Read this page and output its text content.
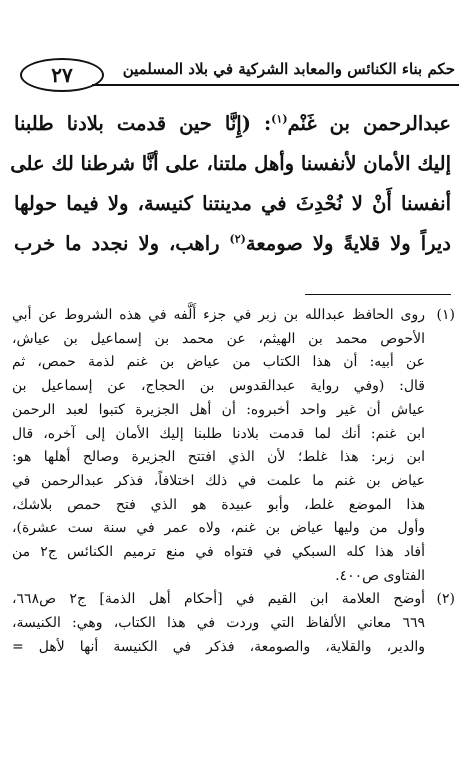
٢٧	حكم بناء الكنائس والمعابد الشركية في بلاد المسلمين
عبدالرحمن بن غَنْم$^{(١)}$: (إِنَّا حين قدمت بلادنا طلبنا
إليك الأمان لأنفسنا وأهل ملتنا، على أنَّا شرطنا لك على
أنفسنا أَنْ لا نُحْدِثَ في مدينتنا كنيسة، ولا فيما حولها
ديراً ولا قلايةً ولا صومعة$^{(٢)}$ راهب، ولا نجدد ما خرب
(١)
روى الحافظ عبدالله بن زبر في جزء أَلَّفه في هذه الشروط عن أبي
الأحوص محمد بن الهيثم، عن محمد بن إسماعيل بن عياش،
عن أبيه: أن هذا الكتاب من عياض بن غنم لذمة حمص، ثم
قال: (وفي رواية عبدالقدوس بن الحجاج، عن إسماعيل بن
عياش أن غير واحد أخبروه: أن أهل الجزيرة كتبوا لعبد الرحمن
ابن غنم: أنك لما قدمت بلادنا طلبنا إليك الأمان إلى آخره، قال
ابن زبر: هذا غلط؛ لأن الذي افتتح الجزيرة وصالح أهلها هو:
عياض بن غنم ما علمت في ذلك اختلافاً، فذكر عبدالرحمن في
هذا الموضع غلط، وأبو عبيدة هو الذي فتح حمص بلاشك،
وأول من وليها عياض بن غنم، ولاه عمر في سنة ست عشرة)،
أفاد هذا كله السبكي في فتواه في منع ترميم الكنائس ج٢ من
الفتاوى ص٤٠٠.
(٢)
أوضح العلامة ابن القيم في [أحكام أهل الذمة] ج٢ ص٦٦٨،
٦٦٩ معاني الألفاظ التي وردت في هذا الكتاب، وهي: الكنيسة،
والدير، والقلاية، والصومعة، فذكر في الكنيسة أنها لأهل =
